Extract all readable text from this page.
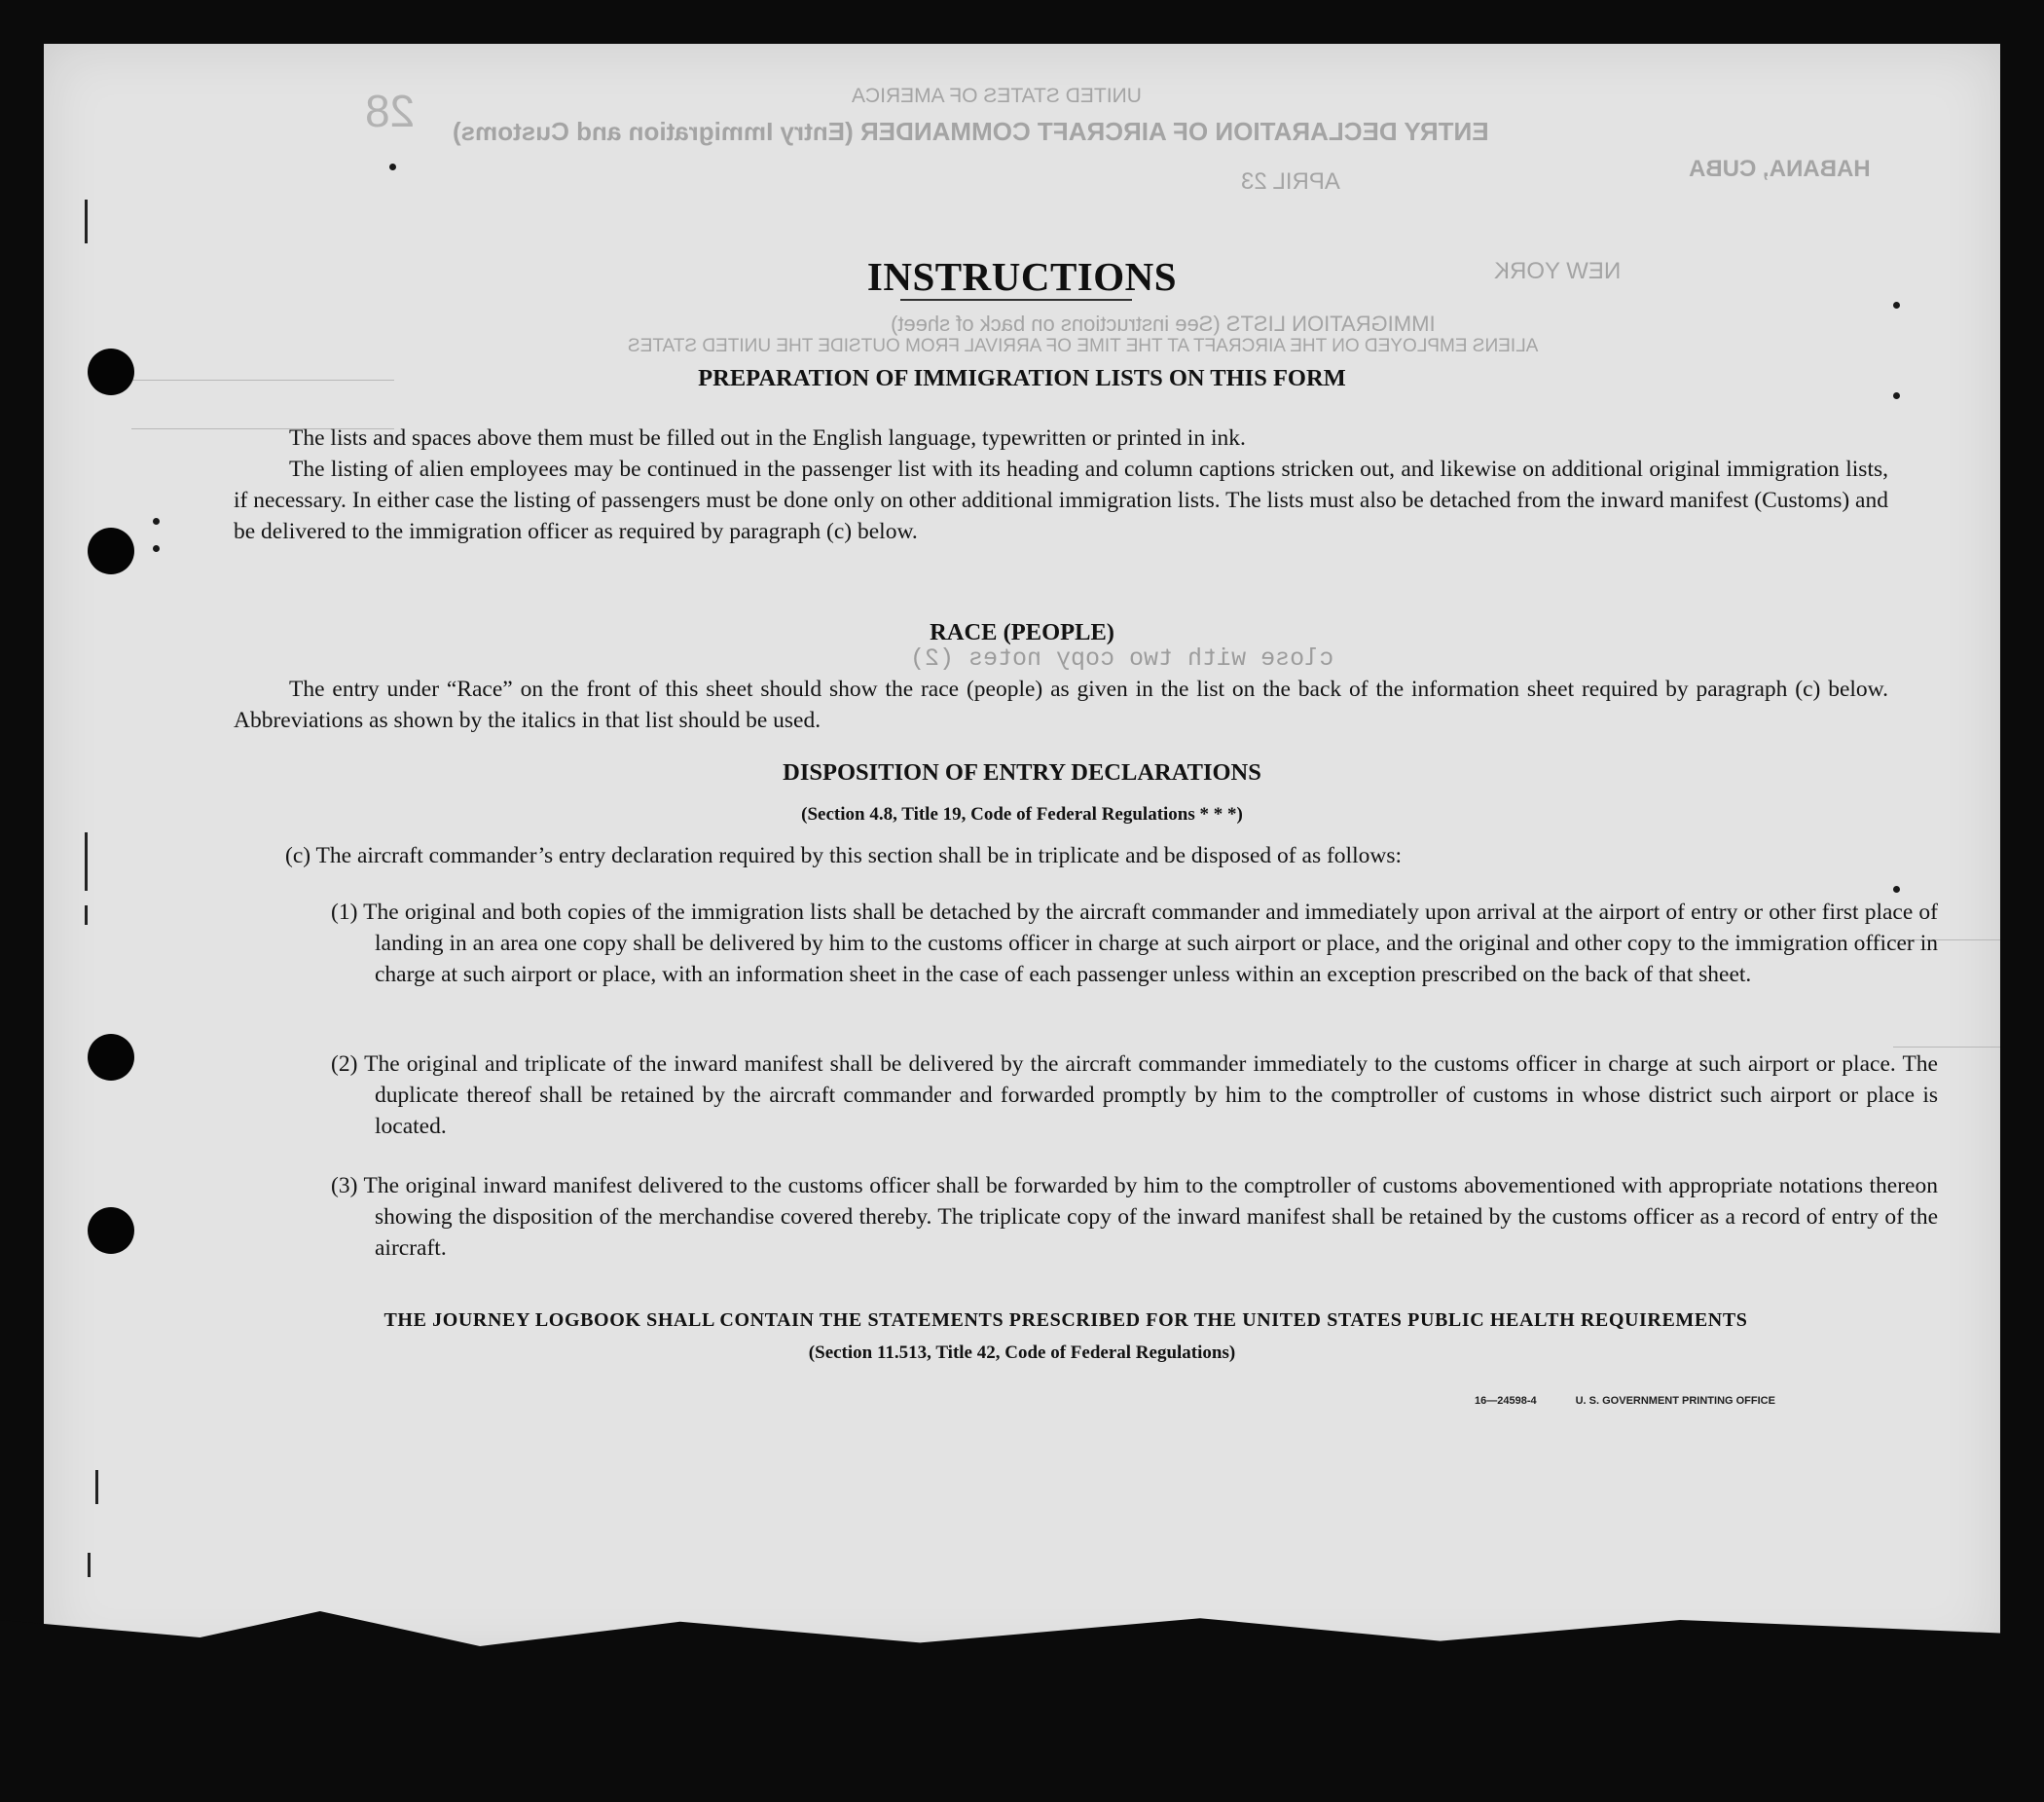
28	UNITED STATES OF AMERICA
ENTRY DECLARATION OF AIRCRAFT COMMANDER (Entry Immigration and Customs)
HABANA, CUBA
APRIL 23
NEW YORK
IMMIGRATION LISTS (See instructions on back of sheet)
ALIENS EMPLOYED ON THE AIRCRAFT AT THE TIME OF ARRIVAL FROM OUTSIDE THE UNITED STATES
close with two copy notes (2)
INSTRUCTIONS
PREPARATION OF IMMIGRATION LISTS ON THIS FORM
The lists and spaces above them must be filled out in the English language, typewritten or printed in ink.
The listing of alien employees may be continued in the passenger list with its heading and column captions stricken out, and likewise on additional original immigration lists, if necessary. In either case the listing of passengers must be done only on other additional immigration lists. The lists must also be detached from the inward manifest (Customs) and be delivered to the immigration officer as required by paragraph (c) below.
RACE (PEOPLE)
The entry under “Race” on the front of this sheet should show the race (people) as given in the list on the back of the information sheet required by paragraph (c) below. Abbreviations as shown by the italics in that list should be used.
DISPOSITION OF ENTRY DECLARATIONS
(Section 4.8, Title 19, Code of Federal Regulations * * *)
(c) The aircraft commander’s entry declaration required by this section shall be in triplicate and be disposed of as follows:
(1) The original and both copies of the immigration lists shall be detached by the aircraft commander and immediately upon arrival at the airport of entry or other first place of landing in an area one copy shall be delivered by him to the customs officer in charge at such airport or place, and the original and other copy to the immigration officer in charge at such airport or place, with an information sheet in the case of each passenger unless within an exception prescribed on the back of that sheet.
(2) The original and triplicate of the inward manifest shall be delivered by the aircraft commander immediately to the customs officer in charge at such airport or place. The duplicate thereof shall be retained by the aircraft commander and forwarded promptly by him to the comptroller of customs in whose district such airport or place is located.
(3) The original inward manifest delivered to the customs officer shall be forwarded by him to the comptroller of customs abovementioned with appropriate notations thereon showing the disposition of the merchandise covered thereby. The triplicate copy of the inward manifest shall be retained by the customs officer as a record of entry of the aircraft.
THE JOURNEY LOGBOOK SHALL CONTAIN THE STATEMENTS PRESCRIBED FOR THE UNITED STATES PUBLIC HEALTH REQUIREMENTS
(Section 11.513, Title 42, Code of Federal Regulations)
16—24598-4	U. S. GOVERNMENT PRINTING OFFICE
